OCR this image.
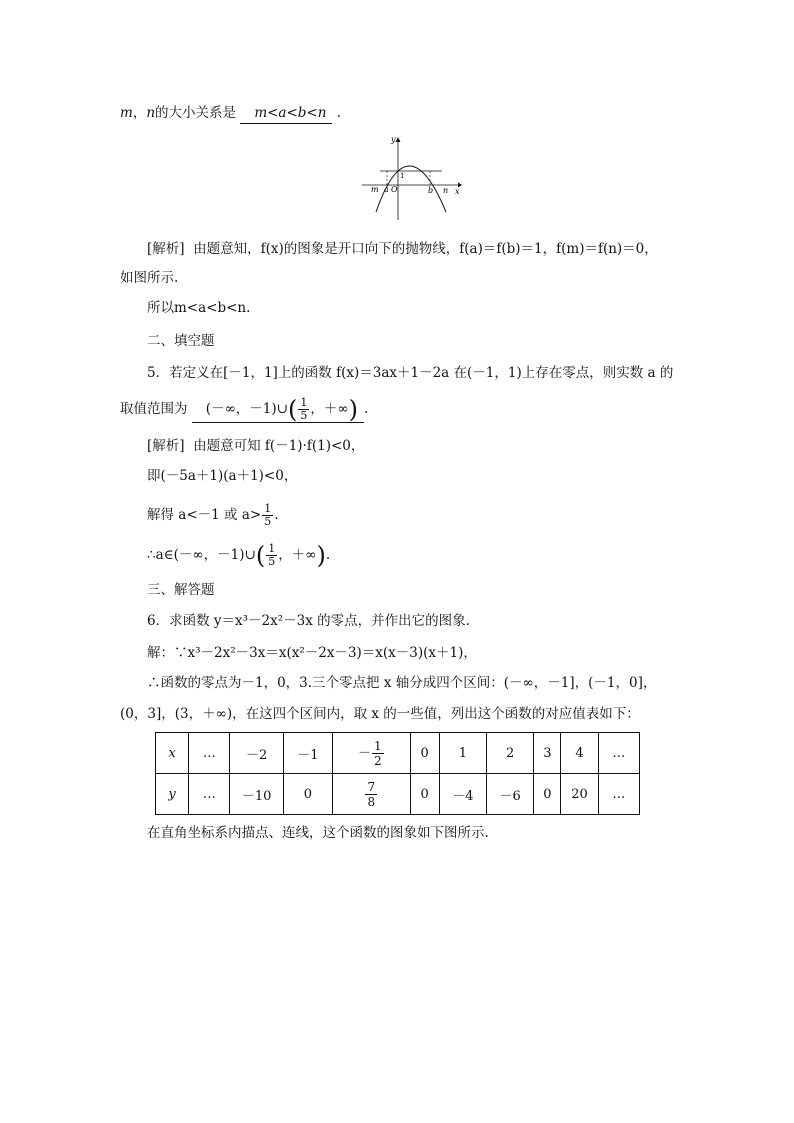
m，n的大小关系是 m<a<b<n .
y
x
m a O
1
b n
[解析] 由题意知，f(x)的图象是开口向下的抛物线，f(a)＝f(b)＝1，f(m)＝f(n)＝0，
如图所示.
所以m<a<b<n.
二、填空题
5．若定义在[－1，1]上的函数 f(x)＝3ax＋1－2a 在(－1，1)上存在零点，则实数 a 的
取值范围为 (－∞，－1)∪( $\frac{1}{5}$ ，＋∞) .
[解析] 由题意可知 f(－1)·f(1)<0，
即(－5a＋1)(a＋1)<0，
解得 a<－1 或 $a> \frac{1}{5}$ .
∴a∈(－∞，－1)∪( $\frac{1}{5}$ ，＋∞).
三、解答题
6．求函数 y＝x³－2x²－3x 的零点，并作出它的图象.
解：∵x³－2x²－3x＝x(x²－2x－3)＝x(x－3)(x＋1)，
∴函数的零点为－1，0，3.三个零点把 x 轴分成四个区间：(－∞，－1]，(－1，0]，
(0，3]，(3，＋∞)，在这四个区间内，取 x 的一些值，列出这个函数的对应值表如下：
x	…	－2	－1	－ $\frac{1}{2}$	0	1	2	3	4	…
y	…	－10	0	$\frac{7}{8}$	0	－4	－6	0	20	…
在直角坐标系内描点、连线，这个函数的图象如下图所示.
